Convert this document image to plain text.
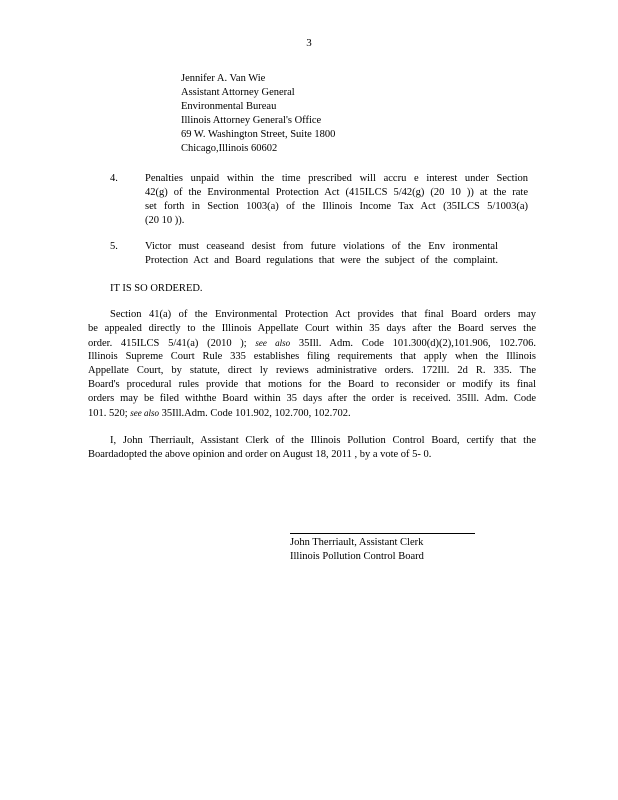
3
Jennifer A. Van Wie
Assistant Attorney General
Environmental Bureau
Illinois Attorney General's Office
69 W. Washington Street, Suite 1800
Chicago,Illinois 60602
4.	Penalties unpaid within the time prescribed will accru e interest under Section
42(g) of the Environmental Protection Act (415ILCS 5/42(g) (20 10 )) at the rate
set forth in Section 1003(a) of the Illinois Income Tax Act (35ILCS 5/1003(a)
(20 10 )).
5.	Victor must ceaseand desist from future violations of the Env ironmental
Protection Act and Board regulations that were the subject of the complaint.
IT IS SO ORDERED.
Section 41(a) of the Environmental Protection Act provides that final Board orders may
be appealed directly to the Illinois Appellate Court within 35 days after the Board serves the
order. 415ILCS 5/41(a) (2010 ); see also 35Ill. Adm. Code 101.300(d)(2),101.906, 102.706.
Illinois Supreme Court Rule 335 establishes filing requirements that apply when the Illinois
Appellate Court, by statute, direct ly reviews administrative orders. 172Ill. 2d R. 335. The
Board's procedural rules provide that motions for the Board to reconsider or modify its final
orders may be filed withthe Board within 35 days after the order is received. 35Ill. Adm. Code
101. 520; see also 35Ill.Adm. Code 101.902, 102.700, 102.702.
I, John Therriault, Assistant Clerk of the Illinois Pollution Control Board, certify that the
Boardadopted the above opinion and order on August 18, 2011 , by a vote of 5- 0.
John Therriault, Assistant Clerk
Illinois Pollution Control Board
